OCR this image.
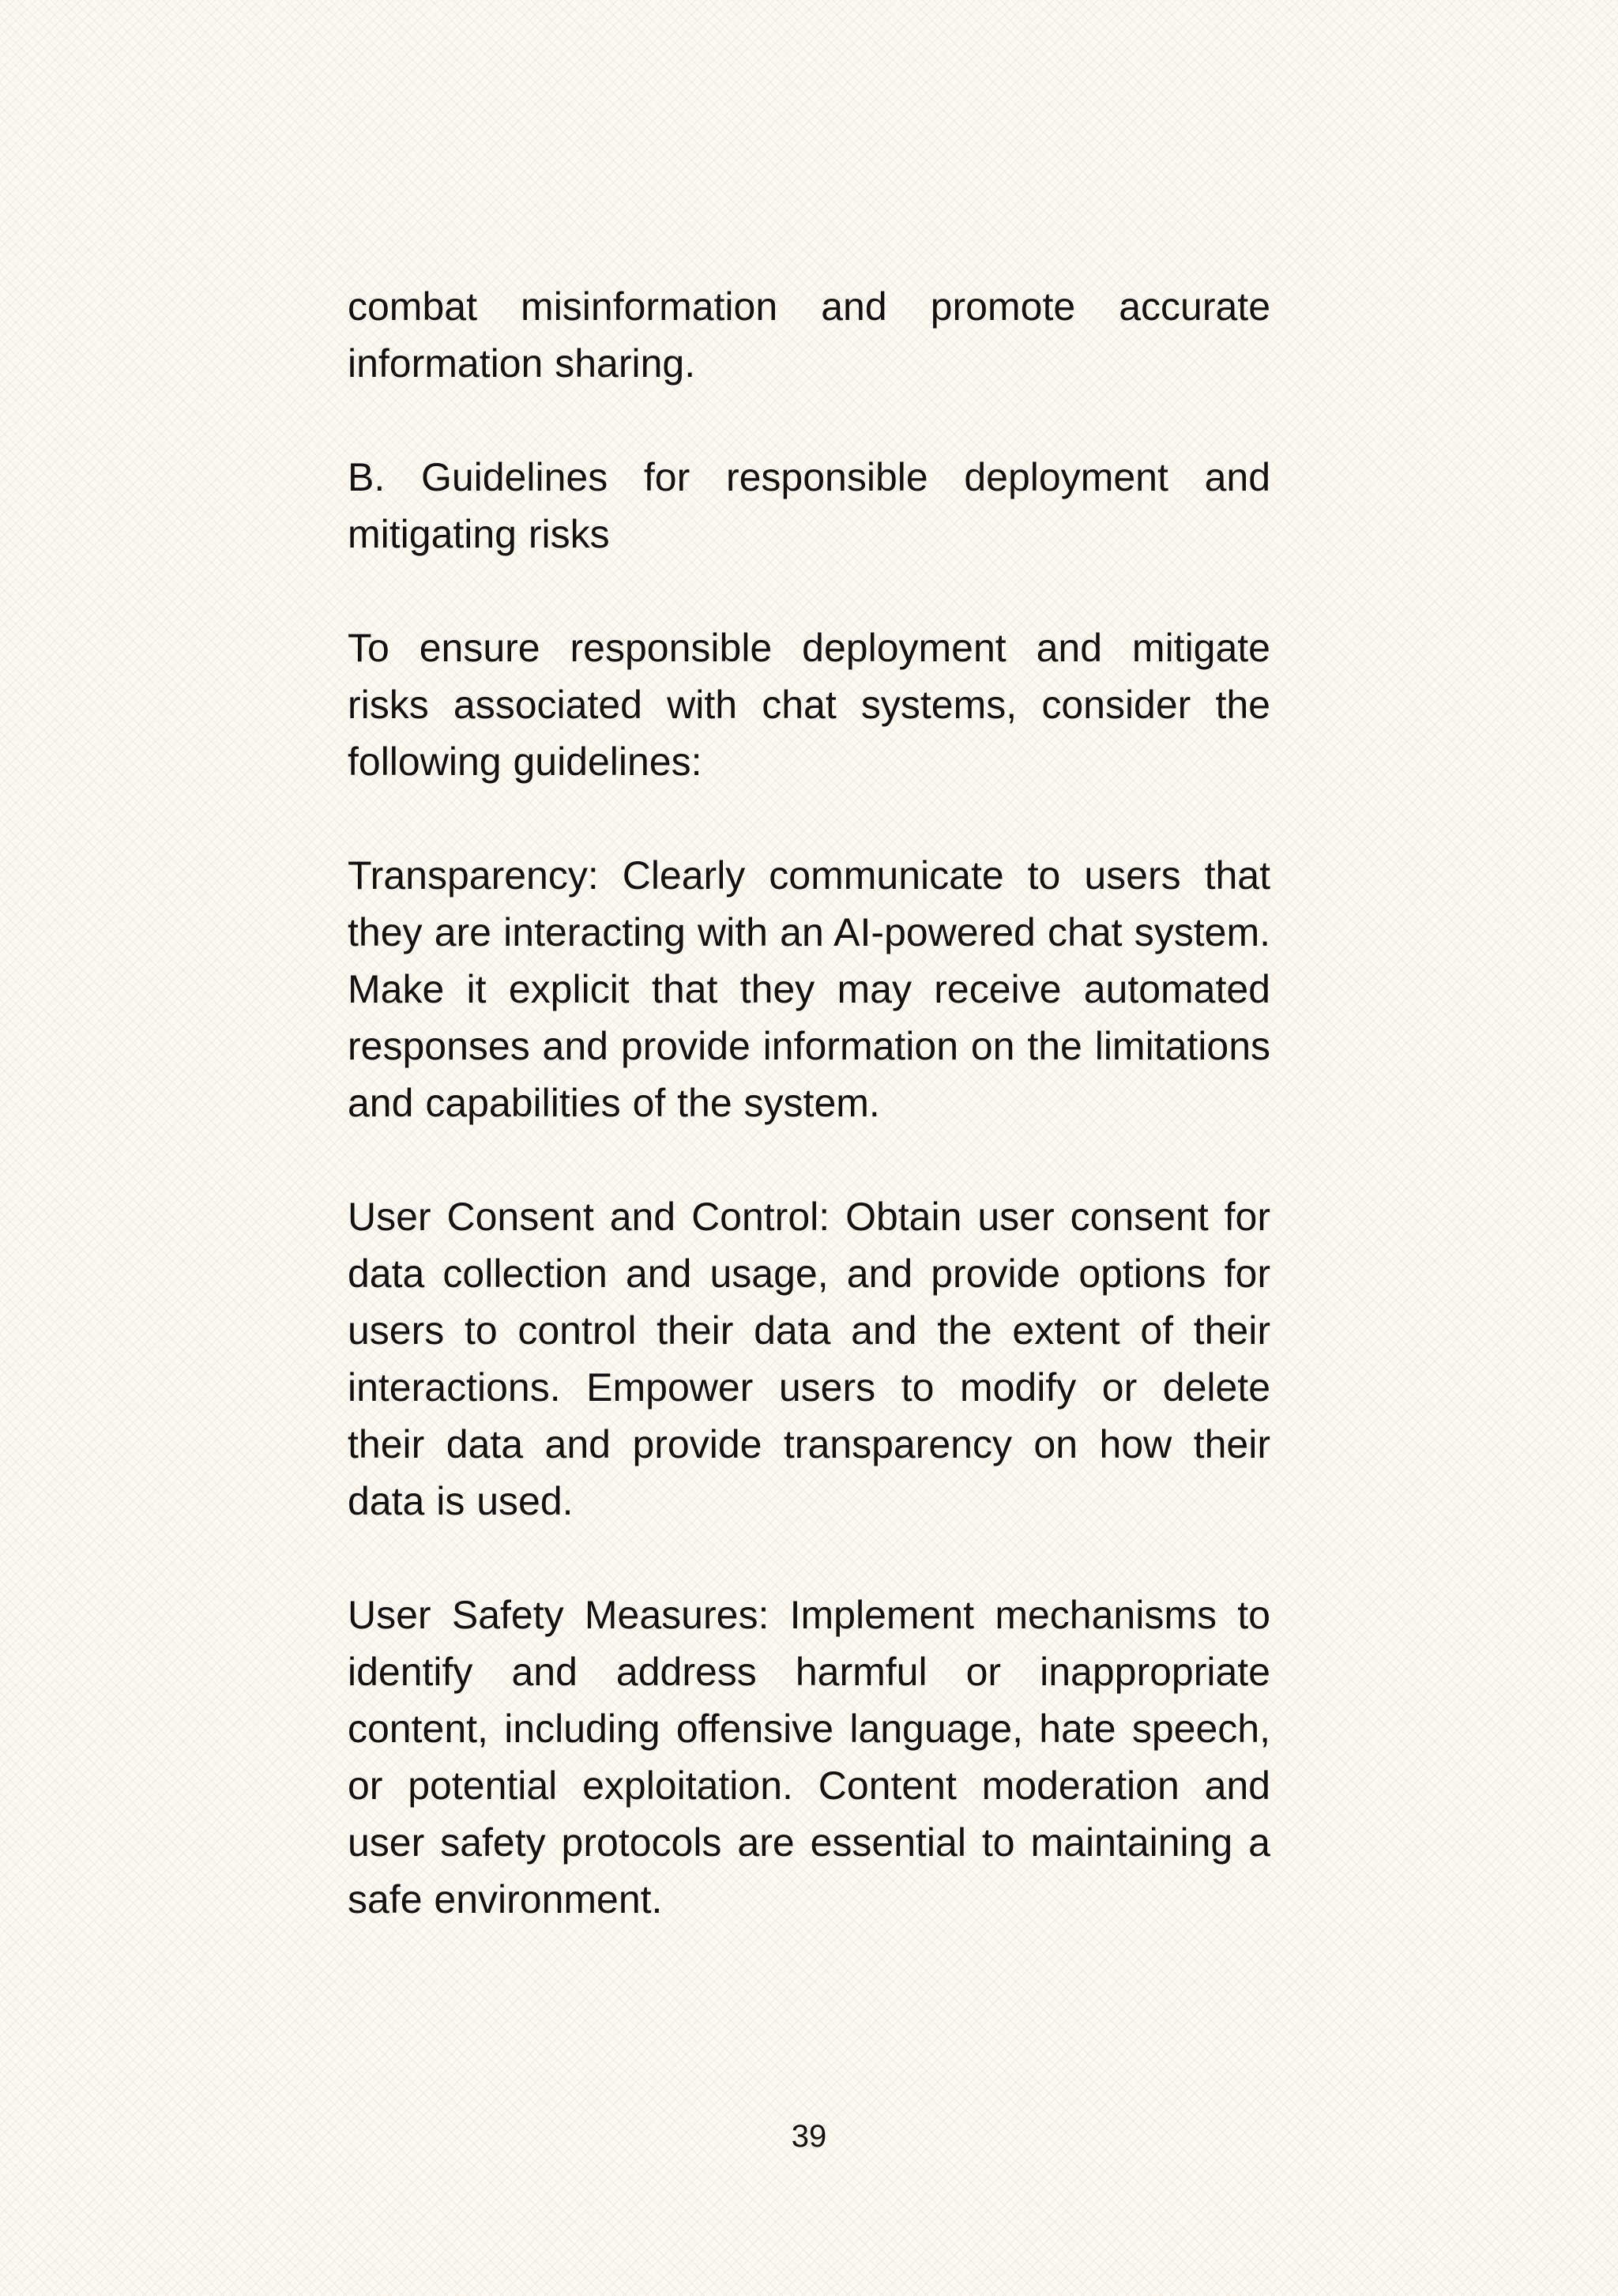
combat misinformation and promote accurate information sharing.

B. Guidelines for responsible deployment and mitigating risks

To ensure responsible deployment and mitigate risks associated with chat systems, consider the following guidelines:

Transparency: Clearly communicate to users that they are interacting with an AI-powered chat system. Make it explicit that they may receive automated responses and provide information on the limitations and capabilities of the system.

User Consent and Control: Obtain user consent for data collection and usage, and provide options for users to control their data and the extent of their interactions. Empower users to modify or delete their data and provide transparency on how their data is used.

User Safety Measures: Implement mechanisms to identify and address harmful or inappropriate content, including offensive language, hate speech, or potential exploitation. Content moderation and user safety protocols are essential to maintaining a safe environment.

39
